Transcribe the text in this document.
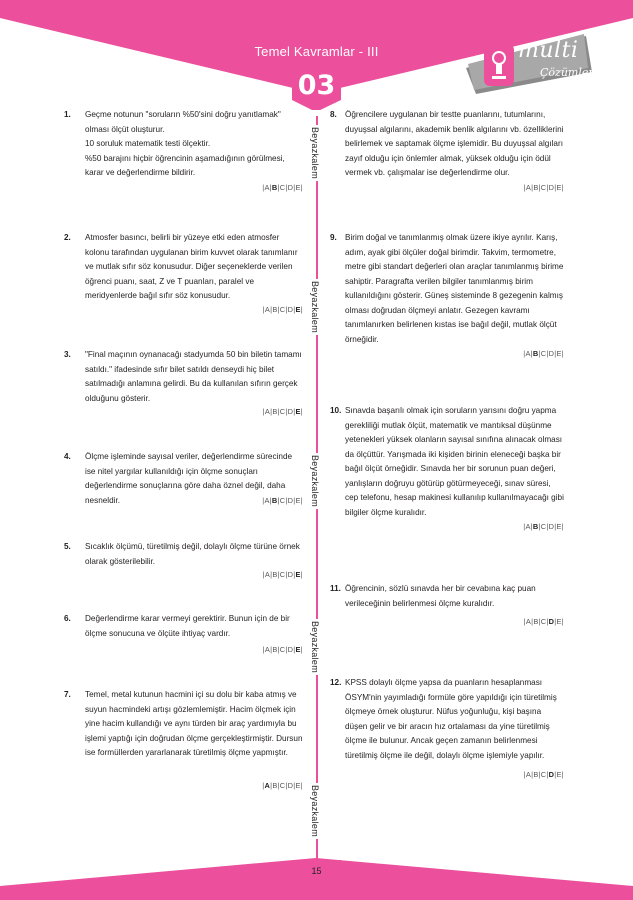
Temel Kavramlar - III
03
multi
Çözümler
Beyazkalem
Beyazkalem
Beyazkalem
Beyazkalem
Beyazkalem
1. Geçme notunun "soruların %50'sini doğru yanıtlamak" olması ölçüt oluşturur.

10 soruluk matematik testi ölçektir.

%50 barajını hiçbir öğrencinin aşamadığının görülmesi, karar ve değerlendirme bildirir.

|A|B|C|D|E|
2. Atmosfer basıncı, belirli bir yüzeye etki eden atmosfer kolonu tarafından uygulanan birim kuvvet olarak tanımlanır ve mutlak sıfır söz konusudur. Diğer seçeneklerde verilen öğrenci puanı, saat, Z ve T puanları, paralel ve meridyenlerde bağıl sıfır söz konusudur.

|A|B|C|D|E|
3. "Final maçının oynanacağı stadyumda 50 bin biletin tamamı satıldı." ifadesinde sıfır bilet satıldı denseydi hiç bilet satılmadığı anlamına gelirdi. Bu da kullanılan sıfırın gerçek olduğunu gösterir.

|A|B|C|D|E|
4. Ölçme işleminde sayısal veriler, değerlendirme sürecinde ise nitel yargılar kullanıldığı için ölçme sonuçları değerlendirme sonuçlarına göre daha öznel değil, daha nesneldir.	|A|B|C|D|E|
5. Sıcaklık ölçümü, türetilmiş değil, dolaylı ölçme türüne örnek olarak gösterilebilir.

|A|B|C|D|E|
6. Değerlendirme karar vermeyi gerektirir. Bunun için de bir ölçme sonucuna ve ölçüte ihtiyaç vardır.

|A|B|C|D|E|
7. Temel, metal kutunun hacmini içi su dolu bir kaba atmış ve suyun hacmindeki artışı gözlemlemiştir. Hacim ölçmek için yine hacim kullandığı ve aynı türden bir araç yardımıyla bu işlemi yaptığı için doğrudan ölçme gerçekleştirmiştir. Dursun ise formüllerden yararlanarak türetilmiş ölçme yapmıştır.

|A|B|C|D|E|
8. Öğrencilere uygulanan bir testte puanlarını, tutumlarını, duyuşsal algılarını, akademik benlik algılarını vb. özelliklerini belirlemek ve saptamak ölçme işlemidir. Bu duyuşsal algıları zayıf olduğu için önlemler almak, yüksek olduğu için ödül vermek vb. çalışmalar ise değerlendirme olur.

|A|B|C|D|E|
9. Birim doğal ve tanımlanmış olmak üzere ikiye ayrılır. Karış, adım, ayak gibi ölçüler doğal birimdir. Takvim, termometre, metre gibi standart değerleri olan araçlar tanımlanmış birime sahiptir. Paragrafta verilen bilgiler tanımlanmış birim kullanıldığını gösterir. Güneş sisteminde 8 gezegenin kalmış olması doğrudan ölçmeyi anlatır. Gezegen kavramı tanımlanırken belirlenen kıstas ise bağıl değil, mutlak ölçüt örneğidir.

|A|B|C|D|E|
10. Sınavda başarılı olmak için soruların yarısını doğru yapma gerekliliği mutlak ölçüt, matematik ve mantıksal düşünme yetenekleri yüksek olanların sayısal sınıfına alınacak olması da ölçüttür. Yarışmada iki kişiden birinin eleneceği başka bir bağıl ölçüt örneğidir. Sınavda her bir sorunun puan değeri, yanlışların doğruyu götürüp götürmeyeceği, sınav süresi, cep telefonu, hesap makinesi kullanılıp kullanılmayacağı gibi bilgiler ölçme kuralıdır.

|A|B|C|D|E|
11. Öğrencinin, sözlü sınavda her bir cevabına kaç puan verileceğinin belirlenmesi ölçme kuralıdır.

|A|B|C|D|E|
12. KPSS dolaylı ölçme yapsa da puanların hesaplanması ÖSYM'nin yayımladığı formüle göre yapıldığı için türetilmiş ölçmeye örnek oluşturur. Nüfus yoğunluğu, kişi başına düşen gelir ve bir aracın hız ortalaması da yine türetilmiş ölçme ile bulunur. Ancak geçen zamanın belirlenmesi türetilmiş ölçme ile değil, dolaylı ölçme işlemiyle yapılır.

|A|B|C|D|E|
15
